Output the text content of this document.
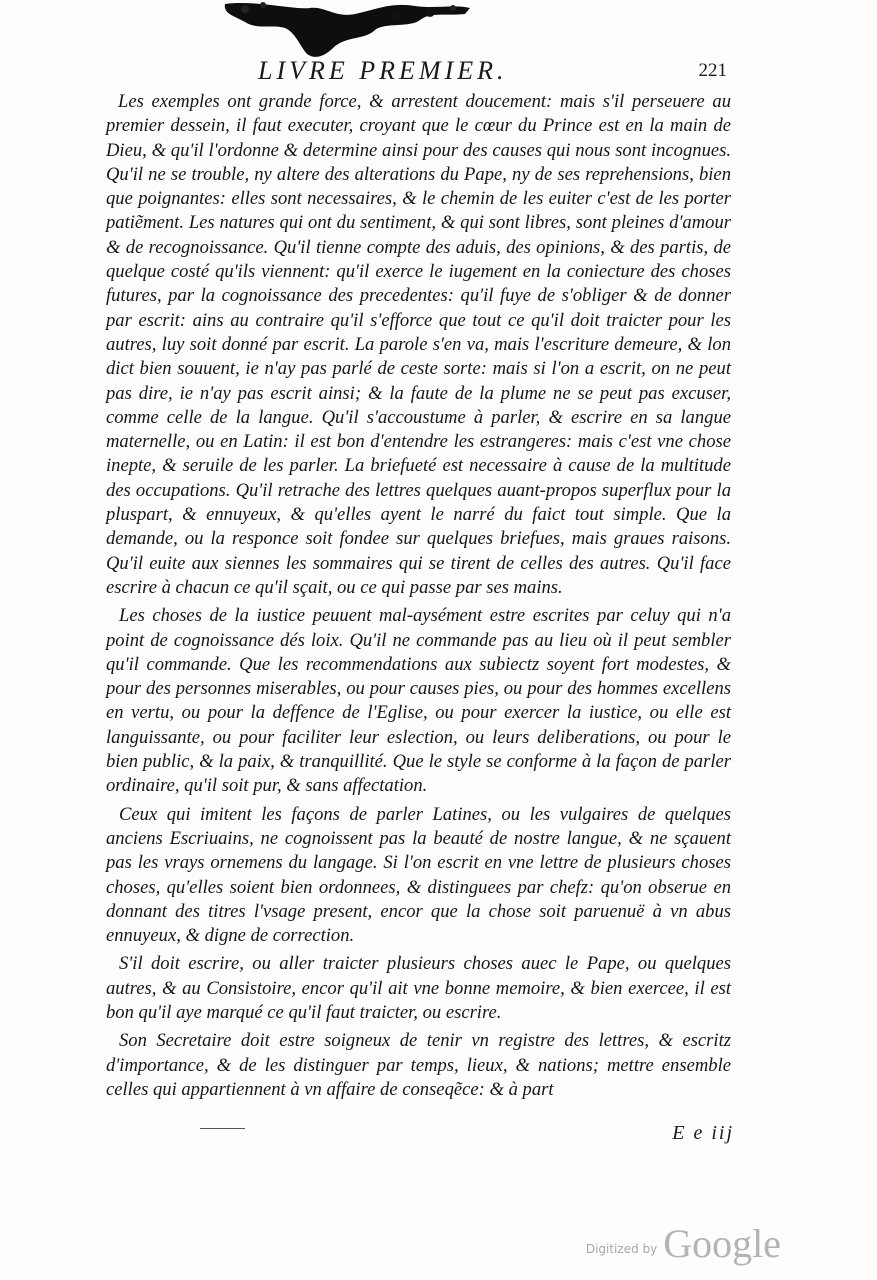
LIVRE PREMIER.	221

Les exemples ont grande force, & arrestent doucement: mais s'il perseuere au premier dessein, il faut executer, croyant que le cœur du Prince est en la main de Dieu, & qu'il l'ordonne & determine ainsi pour des causes qui nous sont incognues. Qu'il ne se trouble, ny altere des alterations du Pape, ny de ses reprehensions, bien que poignantes: elles sont necessaires, & le chemin de les euiter c'est de les porter patiẽment. Les natures qui ont du sentiment, & qui sont libres, sont pleines d'amour & de recognoissance. Qu'il tienne compte des aduis, des opinions, & des partis, de quelque costé qu'ils viennent: qu'il exerce le iugement en la coniecture des choses futures, par la cognoissance des precedentes: qu'il fuye de s'obliger & de donner par escrit: ains au contraire qu'il s'efforce que tout ce qu'il doit traicter pour les autres, luy soit donné par escrit. La parole s'en va, mais l'escriture demeure, & lon dict bien souuent, ie n'ay pas parlé de ceste sorte: mais si l'on a escrit, on ne peut pas dire, ie n'ay pas escrit ainsi; & la faute de la plume ne se peut pas excuser, comme celle de la langue. Qu'il s'accoustume à parler, & escrire en sa langue maternelle, ou en Latin: il est bon d'entendre les estrangeres: mais c'est vne chose inepte, & seruile de les parler. La briefueté est necessaire à cause de la multitude des occupations. Qu'il retrache des lettres quelques auant-propos superflux pour la pluspart, & ennuyeux, & qu'elles ayent le narré du faict tout simple. Que la demande, ou la responce soit fondee sur quelques briefues, mais graues raisons. Qu'il euite aux siennes les sommaires qui se tirent de celles des autres. Qu'il face escrire à chacun ce qu'il sçait, ou ce qui passe par ses mains.

Les choses de la iustice peuuent mal-aysément estre escrites par celuy qui n'a point de cognoissance dés loix. Qu'il ne commande pas au lieu où il peut sembler qu'il commande. Que les recommendations aux subiectz soyent fort modestes, & pour des personnes miserables, ou pour causes pies, ou pour des hommes excellens en vertu, ou pour la deffence de l'Eglise, ou pour exercer la iustice, ou elle est languissante, ou pour faciliter leur eslection, ou leurs deliberations, ou pour le bien public, & la paix, & tranquillité. Que le style se conforme à la façon de parler ordinaire, qu'il soit pur, & sans affectation.

Ceux qui imitent les façons de parler Latines, ou les vulgaires de quelques anciens Escriuains, ne cognoissent pas la beauté de nostre langue, & ne sçauent pas les vrays ornemens du langage. Si l'on escrit en vne lettre de plusieurs choses choses, qu'elles soient bien ordonnees, & distinguees par chefz: qu'on obserue en donnant des titres l'vsage present, encor que la chose soit paruenuë à vn abus ennuyeux, & digne de correction.

S'il doit escrire, ou aller traicter plusieurs choses auec le Pape, ou quelques autres, & au Consistoire, encor qu'il ait vne bonne memoire, & bien exercee, il est bon qu'il aye marqué ce qu'il faut traicter, ou escrire.

Son Secretaire doit estre soigneux de tenir vn registre des lettres, & escritz d'importance, & de les distinguer par temps, lieux, & nations; mettre ensemble celles qui appartiennent à vn affaire de conseqẽce: & à part

E e iij
Digitized by Google
